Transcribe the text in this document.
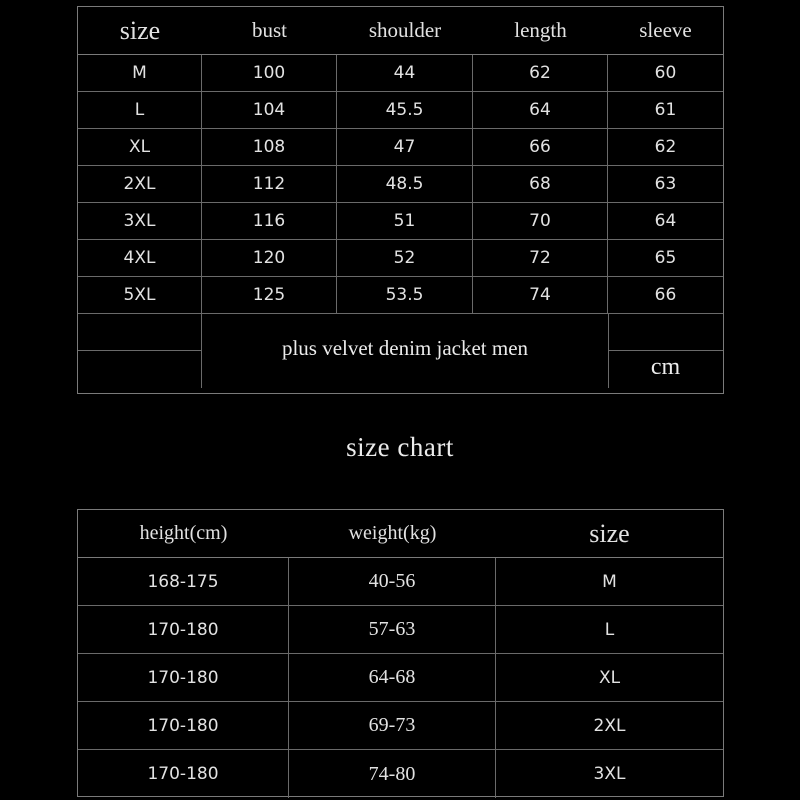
size	bust	shoulder	length	sleeve
M	100	44	62	60
L	104	45.5	64	61
XL	108	47	66	62
2XL	112	48.5	68	63
3XL	116	51	70	64
4XL	120	52	72	65
5XL	125	53.5	74	66
plus velvet denim jacket men
cm
size chart
height(cm)	weight(kg)	size
168-175	40-56	M
170-180	57-63	L
170-180	64-68	XL
170-180	69-73	2XL
170-180	74-80	3XL
